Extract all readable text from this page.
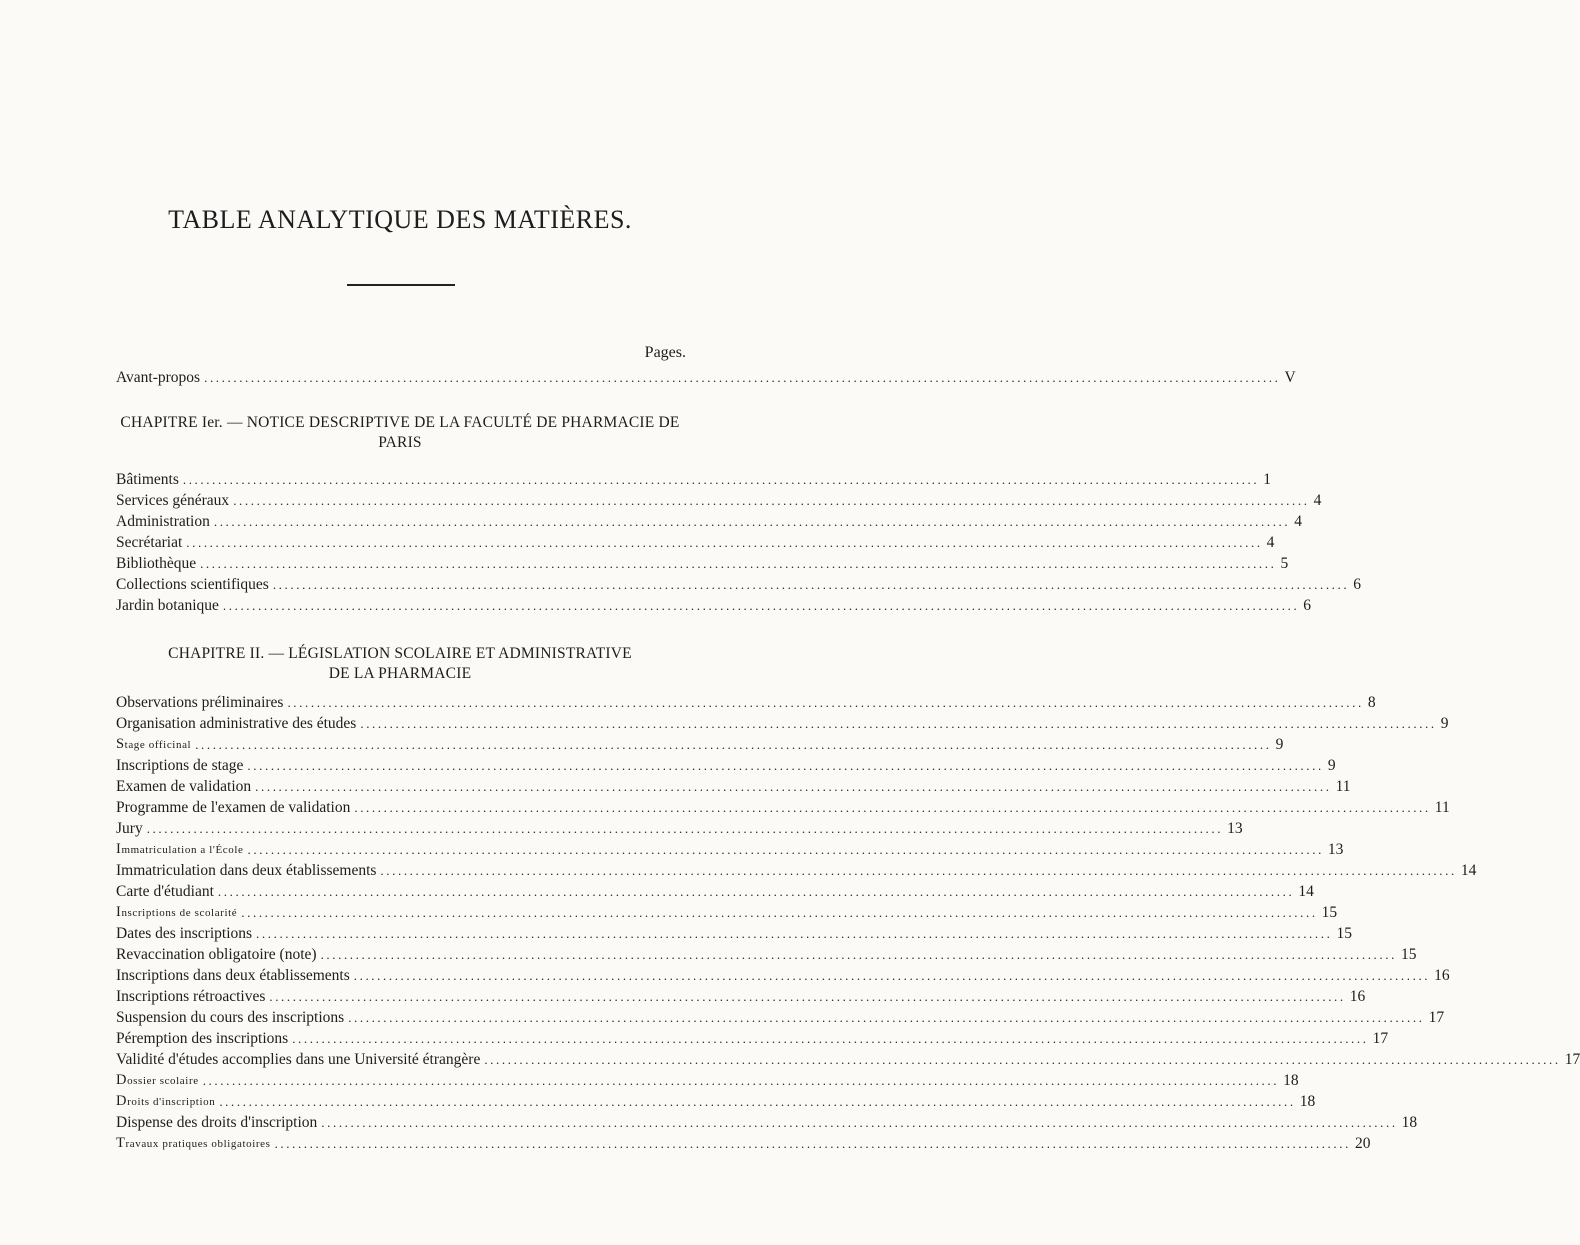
TABLE ANALYTIQUE DES MATIÈRES.
Pages.
Avant-propos ........................................................................................................................................................................................ V
CHAPITRE Ier. — NOTICE DESCRIPTIVE DE LA FACULTÉ DE PHARMACIE DE
PARIS
Bâtiments ........................................................................................................................................................................................ 1
Services généraux ........................................................................................................................................................................................ 4
Administration ........................................................................................................................................................................................ 4
Secrétariat ........................................................................................................................................................................................ 4
Bibliothèque ........................................................................................................................................................................................ 5
Collections scientifiques ........................................................................................................................................................................................ 6
Jardin botanique ........................................................................................................................................................................................ 6
CHAPITRE II. — LÉGISLATION SCOLAIRE ET ADMINISTRATIVE
DE LA PHARMACIE
Observations préliminaires ........................................................................................................................................................................................ 8
Organisation administrative des études ........................................................................................................................................................................................ 9
Stage officinal ........................................................................................................................................................................................ 9
Inscriptions de stage ........................................................................................................................................................................................ 9
Examen de validation ........................................................................................................................................................................................ 11
Programme de l'examen de validation ........................................................................................................................................................................................ 11
Jury ........................................................................................................................................................................................ 13
Immatriculation a l'École ........................................................................................................................................................................................ 13
Immatriculation dans deux établissements ........................................................................................................................................................................................ 14
Carte d'étudiant ........................................................................................................................................................................................ 14
Inscriptions de scolarité ........................................................................................................................................................................................ 15
Dates des inscriptions ........................................................................................................................................................................................ 15
Revaccination obligatoire (note) ........................................................................................................................................................................................ 15
Inscriptions dans deux établissements ........................................................................................................................................................................................ 16
Inscriptions rétroactives ........................................................................................................................................................................................ 16
Suspension du cours des inscriptions ........................................................................................................................................................................................ 17
Péremption des inscriptions ........................................................................................................................................................................................ 17
Validité d'études accomplies dans une Université étrangère ........................................................................................................................................................................................ 17
Dossier scolaire ........................................................................................................................................................................................ 18
Droits d'inscription ........................................................................................................................................................................................ 18
Dispense des droits d'inscription ........................................................................................................................................................................................ 18
Travaux pratiques obligatoires ........................................................................................................................................................................................ 20
